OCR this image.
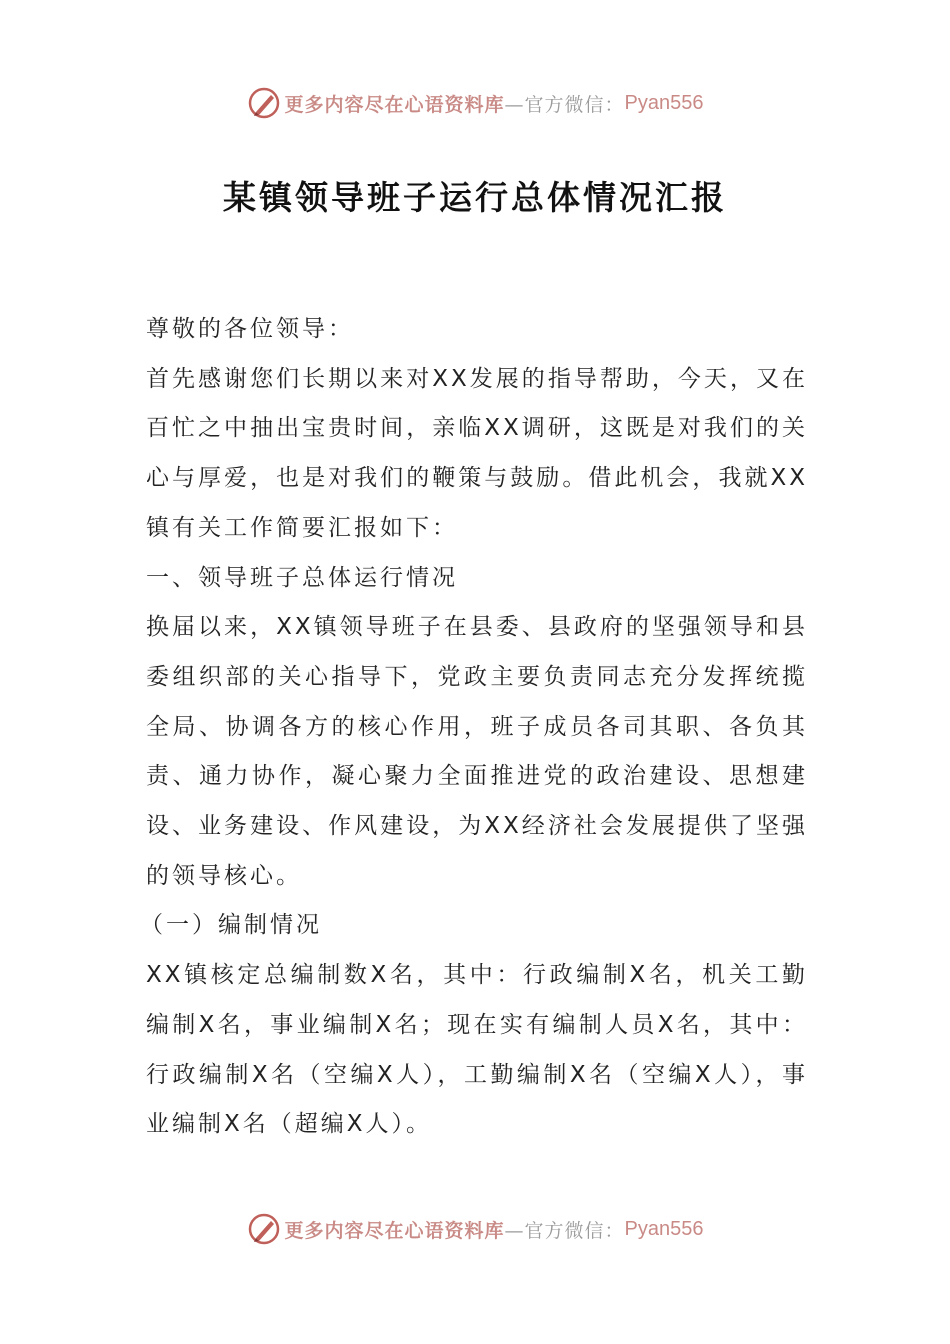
更多内容尽在心语资料库 —官方微信： Pyan556
某镇领导班子运行总体情况汇报

尊敬的各位领导：

首先感谢您们长期以来对XX发展的指导帮助，今天，又在百忙之中抽出宝贵时间，亲临XX调研，这既是对我们的关心与厚爱，也是对我们的鞭策与鼓励。借此机会，我就XX镇有关工作简要汇报如下：

一、领导班子总体运行情况

换届以来，XX镇领导班子在县委、县政府的坚强领导和县委组织部的关心指导下，党政主要负责同志充分发挥统揽全局、协调各方的核心作用，班子成员各司其职、各负其责、通力协作，凝心聚力全面推进党的政治建设、思想建设、业务建设、作风建设，为XX经济社会发展提供了坚强的领导核心。

（一）编制情况

XX镇核定总编制数X名，其中：行政编制X名，机关工勤编制X名，事业编制X名；现在实有编制人员X名，其中：行政编制X名（空编X人），工勤编制X名（空编X人），事业编制X名（超编X人）。

更多内容尽在心语资料库 —官方微信： Pyan556
